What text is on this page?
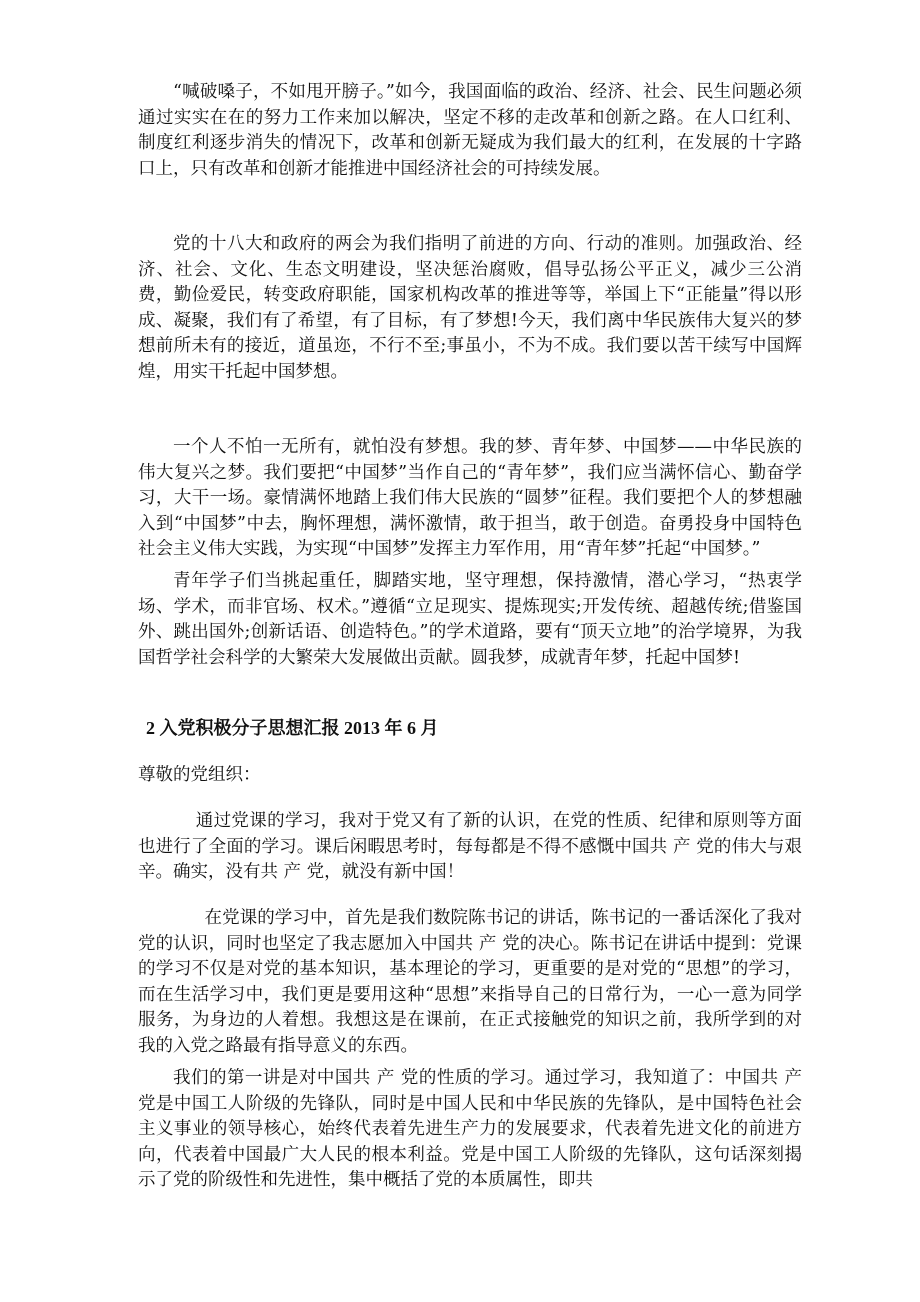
“喊破嗓子，不如甩开膀子。”如今，我国面临的政治、经济、社会、民生问题必须通过实实在在的努力工作来加以解决，坚定不移的走改革和创新之路。在人口红利、制度红利逐步消失的情况下，改革和创新无疑成为我们最大的红利，在发展的十字路口上，只有改革和创新才能推进中国经济社会的可持续发展。

党的十八大和政府的两会为我们指明了前进的方向、行动的准则。加强政治、经济、社会、文化、生态文明建设，坚决惩治腐败，倡导弘扬公平正义，减少三公消费，勤俭爱民，转变政府职能，国家机构改革的推进等等，举国上下“正能量”得以形成、凝聚，我们有了希望，有了目标，有了梦想!今天，我们离中华民族伟大复兴的梦想前所未有的接近，道虽迩，不行不至;事虽小，不为不成。我们要以苦干续写中国辉煌，用实干托起中国梦想。

一个人不怕一无所有，就怕没有梦想。我的梦、青年梦、中国梦——中华民族的伟大复兴之梦。我们要把“中国梦”当作自己的“青年梦”，我们应当满怀信心、勤奋学习，大干一场。豪情满怀地踏上我们伟大民族的“圆梦”征程。我们要把个人的梦想融入到“中国梦”中去，胸怀理想，满怀激情，敢于担当，敢于创造。奋勇投身中国特色社会主义伟大实践，为实现“中国梦”发挥主力军作用，用“青年梦”托起“中国梦。”

青年学子们当挑起重任，脚踏实地，坚守理想，保持激情，潜心学习，“热衷学场、学术，而非官场、权术。”遵循“立足现实、提炼现实;开发传统、超越传统;借鉴国外、跳出国外;创新话语、创造特色。”的学术道路，要有“顶天立地”的治学境界，为我国哲学社会科学的大繁荣大发展做出贡献。圆我梦，成就青年梦，托起中国梦!

2 入党积极分子思想汇报 2013 年 6 月
尊敬的党组织：

通过党课的学习，我对于党又有了新的认识，在党的性质、纪律和原则等方面也进行了全面的学习。课后闲暇思考时，每每都是不得不感慨中国共 产 党的伟大与艰辛。确实，没有共 产 党，就没有新中国！

在党课的学习中，首先是我们数院陈书记的讲话，陈书记的一番话深化了我对党的认识，同时也坚定了我志愿加入中国共 产 党的决心。陈书记在讲话中提到：党课的学习不仅是对党的基本知识，基本理论的学习，更重要的是对党的“思想”的学习，而在生活学习中，我们更是要用这种“思想”来指导自己的日常行为，一心一意为同学服务，为身边的人着想。我想这是在课前，在正式接触党的知识之前，我所学到的对我的入党之路最有指导意义的东西。

我们的第一讲是对中国共 产 党的性质的学习。通过学习，我知道了：中国共 产党是中国工人阶级的先锋队，同时是中国人民和中华民族的先锋队，是中国特色社会主义事业的领导核心，始终代表着先进生产力的发展要求，代表着先进文化的前进方向，代表着中国最广大人民的根本利益。党是中国工人阶级的先锋队，这句话深刻揭示了党的阶级性和先进性，集中概括了党的本质属性，即共
